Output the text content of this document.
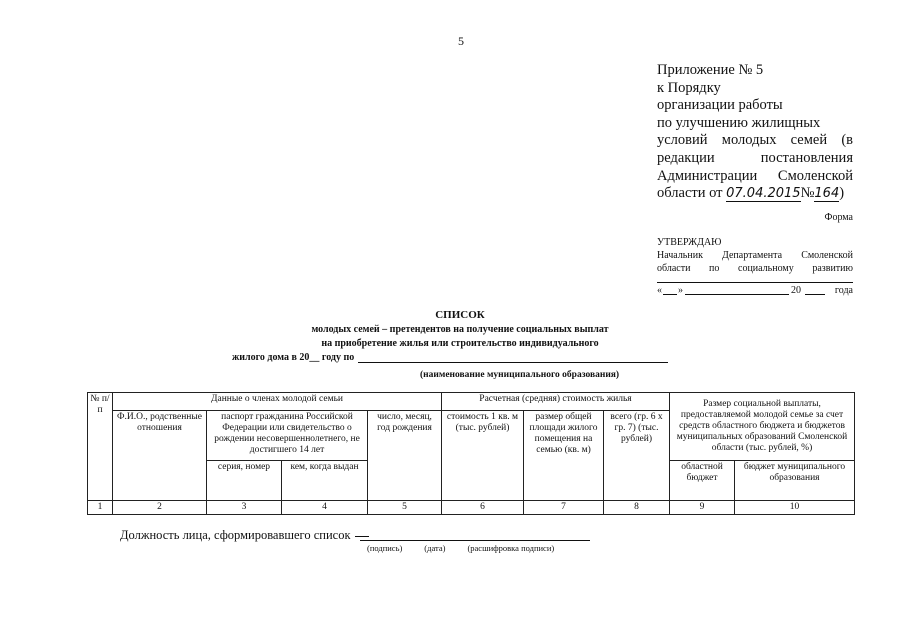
5
Приложение № 5
к Порядку
организации работы
по улучшению жилищных
условий молодых семей (в
редакции	постановления
Администрации Смоленской
области от 07.04.2015№164)
Форма
УТВЕРЖДАЮ
Начальник Департамента Смоленской
области по социальному развитию
« »	20	года
СПИСОК
молодых семей – претендентов на получение социальных выплат
на приобретение жилья или строительство индивидуального
жилого дома в 20__ году по
(наименование муниципального образования)
№ п/п	Данные о членах молодой семьи				Расчетная (средняя) стоимость жилья			Размер социальной выплаты, предоставляемой молодой семье за счет средств областного бюджета и бюджетов муниципальных образований Смоленской области (тыс. рублей, %)	
	Ф.И.О., родственные отношения	паспорт гражданина Российской Федерации или свидетельство о рождении несовершеннолетнего, не достигшего 14 лет		число, месяц, год рождения	стоимость 1 кв. м (тыс. рублей)	размер общей площади жилого помещения на семью (кв. м)	всего (гр. 6 х гр. 7) (тыс. рублей)		
		серия, номер	кем, когда выдан					областной бюджет	бюджет муниципального образования
1	2	3	4	5	6	7	8	9	10
Должность лица, сформировавшего список
(подпись)	(дата)	(расшифровка подписи)
